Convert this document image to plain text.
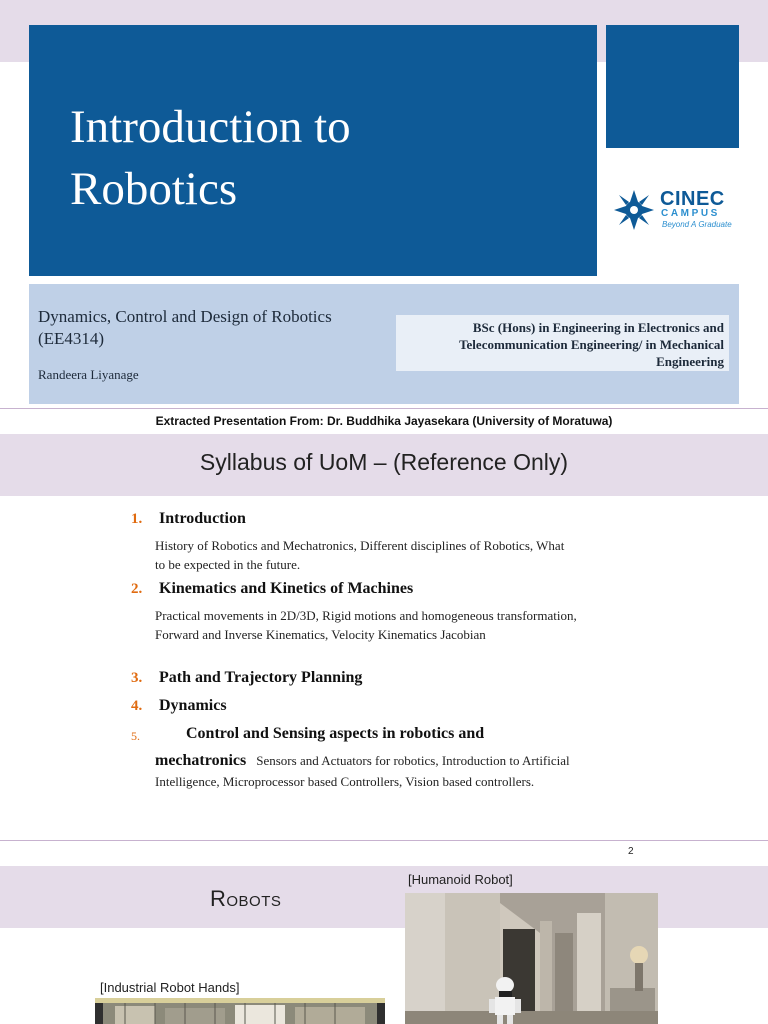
Introduction to
Robotics	CINEC
CAMPUS
Beyond A Graduate
Dynamics, Control and Design of Robotics (EE4314)
Randeera Liyanage
BSc (Hons) in Engineering in Electronics and Telecommunication Engineering/ in Mechanical Engineering
Extracted Presentation From: Dr. Buddhika Jayasekara (University of Moratuwa)
Syllabus of UoM – (Reference Only)
1. Introduction
History of Robotics and Mechatronics, Different disciplines of Robotics, What to be expected in the future.
2. Kinematics and Kinetics of Machines
Practical movements in 2D/3D, Rigid motions and homogeneous transformation, Forward and Inverse Kinematics, Velocity Kinematics Jacobian
3. Path and Trajectory Planning
4. Dynamics
5.	Control and Sensing aspects in robotics and
mechatronics Sensors and Actuators for robotics, Introduction to Artificial Intelligence, Microprocessor based Controllers, Vision based controllers.
2
Robots
[Humanoid Robot]
[Industrial Robot Hands]
